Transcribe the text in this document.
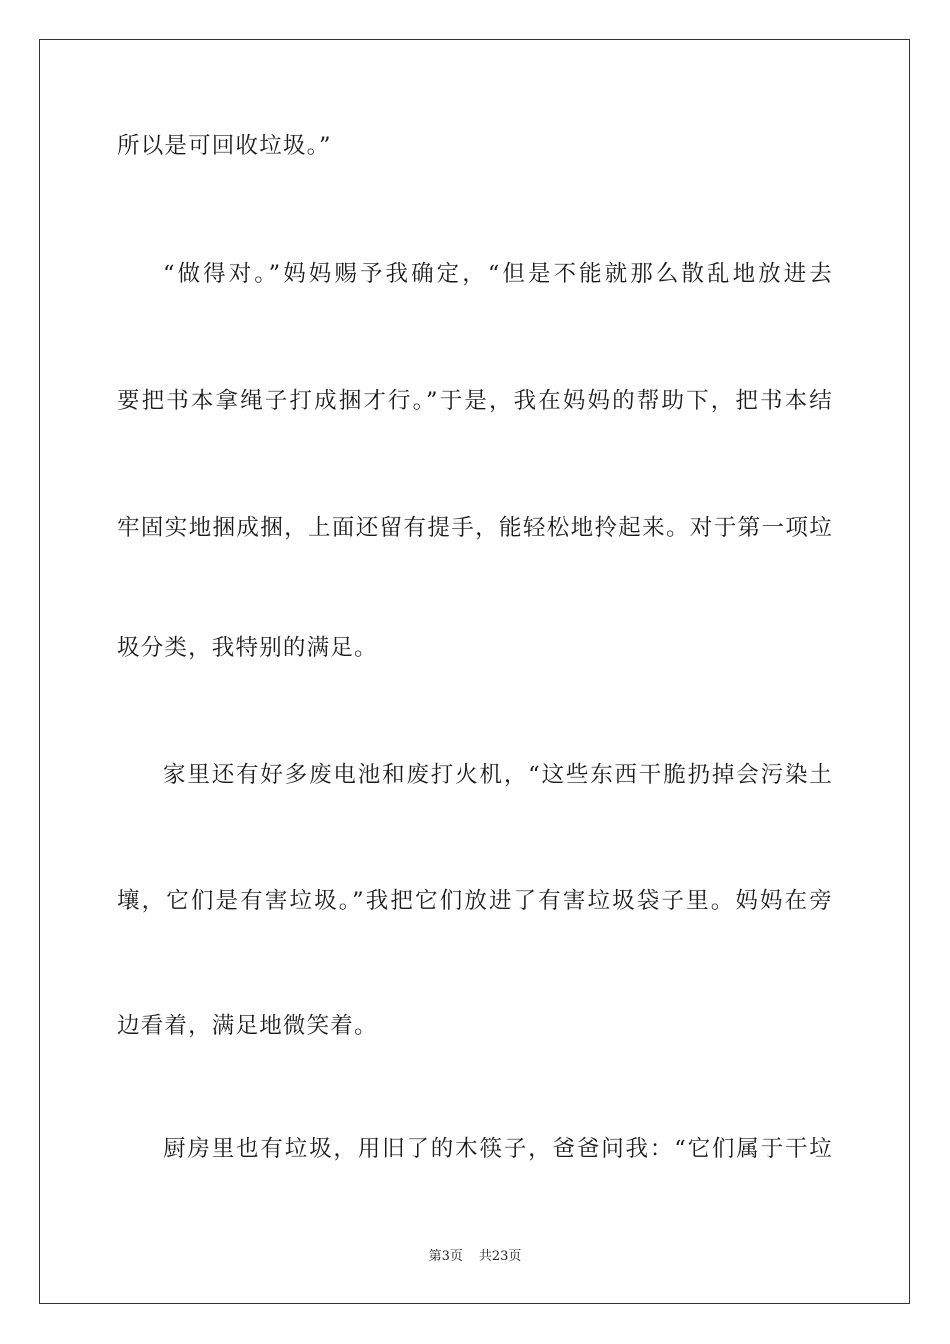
所以是可回收垃圾。”
“做得对。”妈妈赐予我确定，“但是不能就那么散乱地放进去
要把书本拿绳子打成捆才行。”于是，我在妈妈的帮助下，把书本结
牢固实地捆成捆，上面还留有提手，能轻松地拎起来。对于第一项垃
圾分类，我特别的满足。
家里还有好多废电池和废打火机，“这些东西干脆扔掉会污染土
壤，它们是有害垃圾。”我把它们放进了有害垃圾袋子里。妈妈在旁
边看着，满足地微笑着。
厨房里也有垃圾，用旧了的木筷子，爸爸问我：“它们属于干垃
第3页 共23页
